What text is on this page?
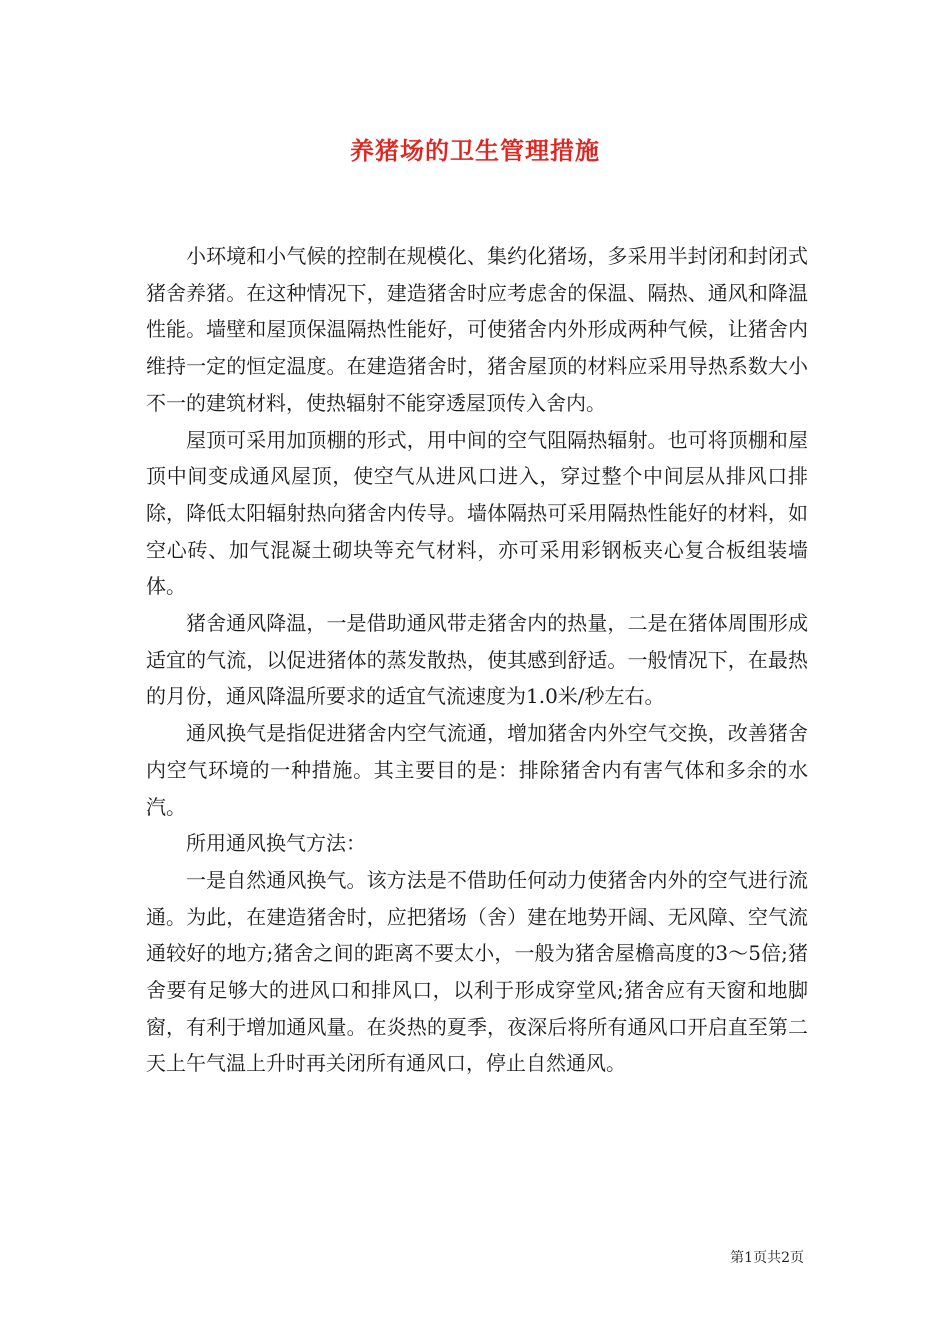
养猪场的卫生管理措施

小环境和小气候的控制在规模化、集约化猪场，多采用半封闭和封闭式猪舍养猪。在这种情况下，建造猪舍时应考虑舍的保温、隔热、通风和降温性能。墙壁和屋顶保温隔热性能好，可使猪舍内外形成两种气候，让猪舍内维持一定的恒定温度。在建造猪舍时，猪舍屋顶的材料应采用导热系数大小不一的建筑材料，使热辐射不能穿透屋顶传入舍内。

屋顶可采用加顶棚的形式，用中间的空气阻隔热辐射。也可将顶棚和屋顶中间变成通风屋顶，使空气从进风口进入，穿过整个中间层从排风口排除，降低太阳辐射热向猪舍内传导。墙体隔热可采用隔热性能好的材料，如空心砖、加气混凝土砌块等充气材料，亦可采用彩钢板夹心复合板组装墙体。

猪舍通风降温，一是借助通风带走猪舍内的热量，二是在猪体周围形成适宜的气流，以促进猪体的蒸发散热，使其感到舒适。一般情况下，在最热的月份，通风降温所要求的适宜气流速度为1.0米/秒左右。

通风换气是指促进猪舍内空气流通，增加猪舍内外空气交换，改善猪舍内空气环境的一种措施。其主要目的是：排除猪舍内有害气体和多余的水汽。

所用通风换气方法：

一是自然通风换气。该方法是不借助任何动力使猪舍内外的空气进行流通。为此，在建造猪舍时，应把猪场（舍）建在地势开阔、无风障、空气流通较好的地方;猪舍之间的距离不要太小，一般为猪舍屋檐高度的3～5倍;猪舍要有足够大的进风口和排风口，以利于形成穿堂风;猪舍应有天窗和地脚窗，有利于增加通风量。在炎热的夏季，夜深后将所有通风口开启直至第二天上午气温上升时再关闭所有通风口，停止自然通风。

第1页共2页
